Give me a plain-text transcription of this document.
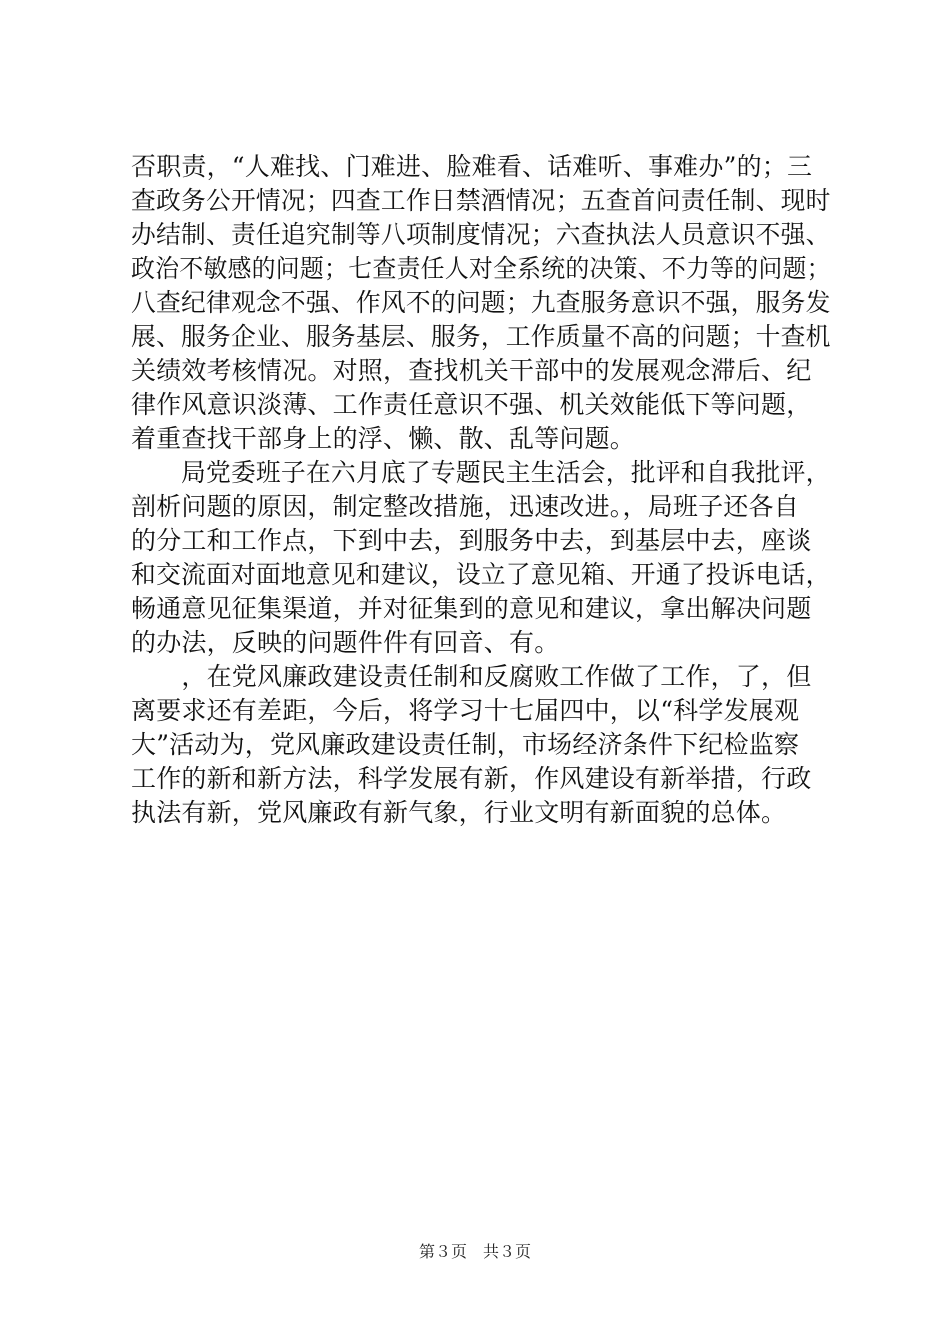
否职责，“人难找、门难进、脸难看、话难听、事难办”的；三
查政务公开情况；四查工作日禁酒情况；五查首问责任制、现时
办结制、责任追究制等八项制度情况；六查执法人员意识不强、
政治不敏感的问题；七查责任人对全系统的决策、不力等的问题；
八查纪律观念不强、作风不的问题；九查服务意识不强，服务发
展、服务企业、服务基层、服务，工作质量不高的问题；十查机
关绩效考核情况。对照，查找机关干部中的发展观念滞后、纪
律作风意识淡薄、工作责任意识不强、机关效能低下等问题，
着重查找干部身上的浮、懒、散、乱等问题。
　　局党委班子在六月底了专题民主生活会，批评和自我批评，
剖析问题的原因，制定整改措施，迅速改进。，局班子还各自
的分工和工作点，下到中去，到服务中去，到基层中去，座谈
和交流面对面地意见和建议，设立了意见箱、开通了投诉电话，
畅通意见征集渠道，并对征集到的意见和建议，拿出解决问题
的办法，反映的问题件件有回音、有。
　　，在党风廉政建设责任制和反腐败工作做了工作，了，但
离要求还有差距，今后，将学习十七届四中，以“科学发展观
大”活动为，党风廉政建设责任制，市场经济条件下纪检监察
工作的新和新方法，科学发展有新，作风建设有新举措，行政
执法有新，党风廉政有新气象，行业文明有新面貌的总体。
第３页　共３页
